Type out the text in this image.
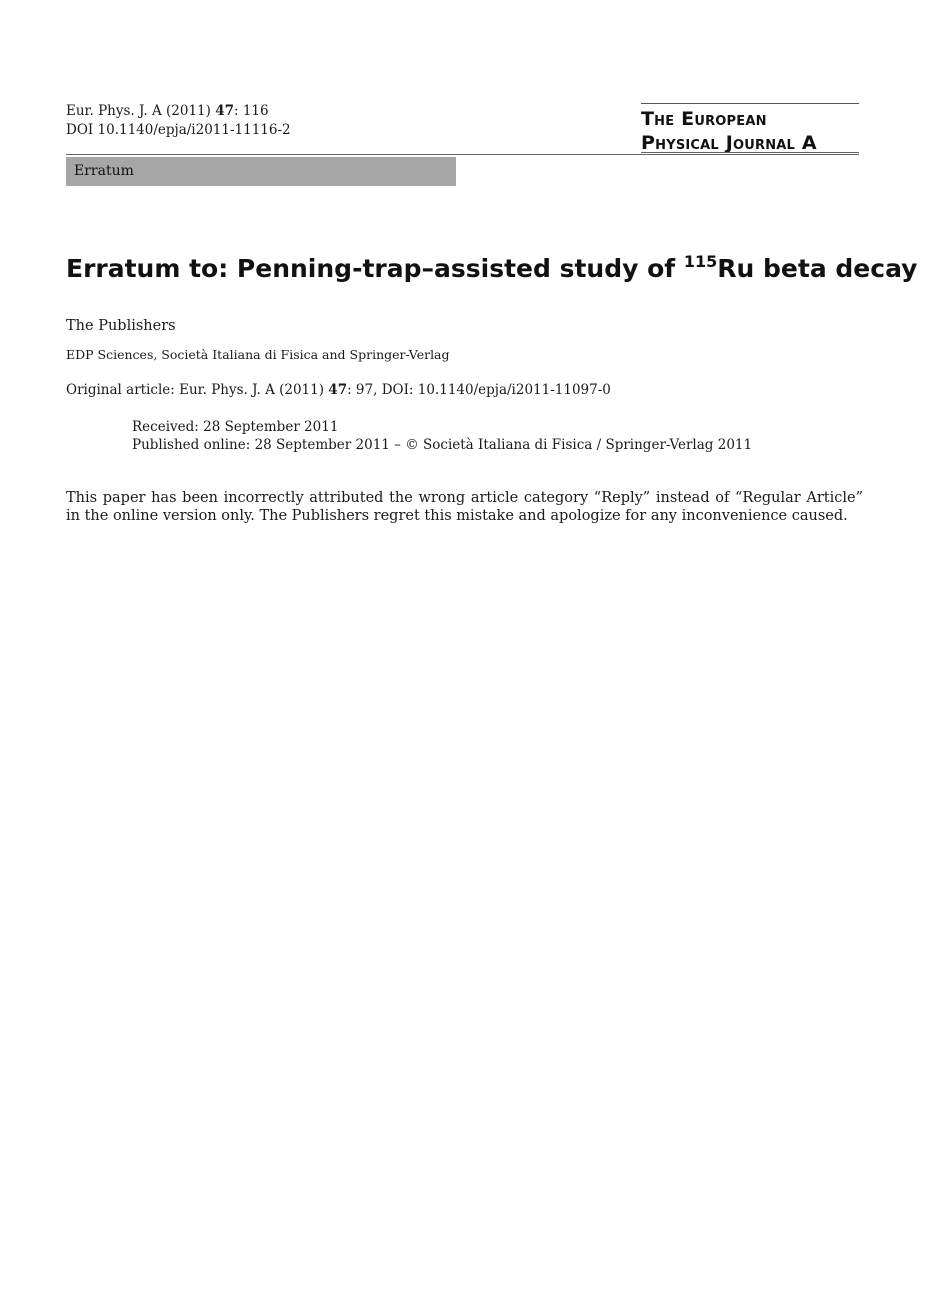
Eur. Phys. J. A (2011) 47: 116
DOI 10.1140/epja/i2011-11116-2	The European
Physical Journal A
Erratum
Erratum to: Penning-trap–assisted study of $^{115}$Ru beta decay
The Publishers
EDP Sciences, Società Italiana di Fisica and Springer-Verlag
Original article: Eur. Phys. J. A (2011) 47: 97, DOI: 10.1140/epja/i2011-11097-0
Received: 28 September 2011
Published online: 28 September 2011 – © Società Italiana di Fisica / Springer-Verlag 2011

This paper has been incorrectly attributed the wrong article category “Reply” instead of “Regular Article” in the online version only. The Publishers regret this mistake and apologize for any inconvenience caused.
